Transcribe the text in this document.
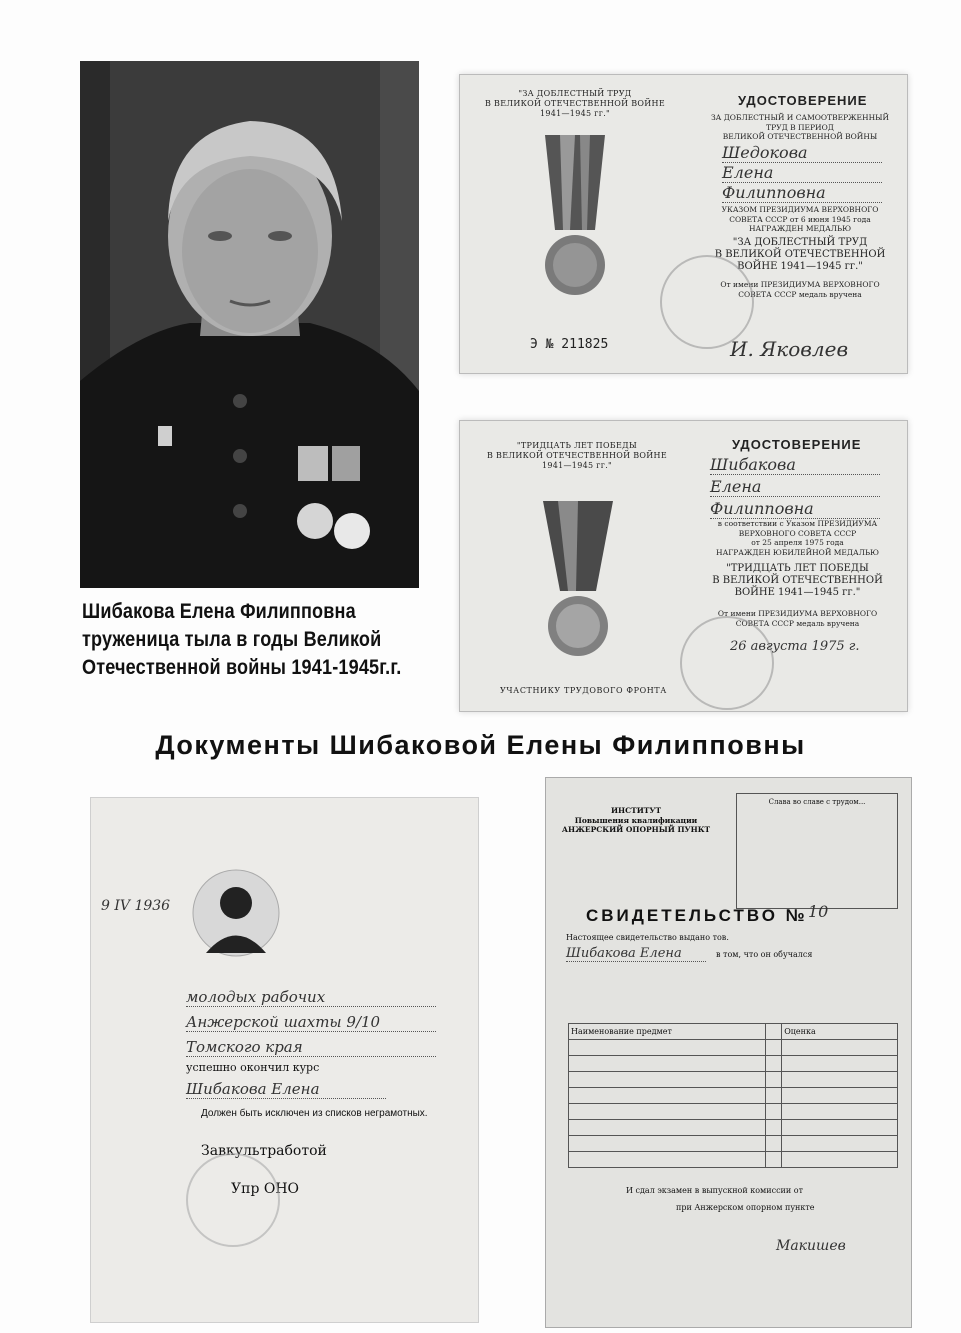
Шибакова Елена Филипповна
труженица тыла в годы Великой
Отечественной войны 1941-1945г.г.
"ЗА ДОБЛЕСТНЫЙ ТРУД
В ВЕЛИКОЙ ОТЕЧЕСТВЕННОЙ ВОЙНЕ
1941—1945 гг."
Э № 211825
УДОСТОВЕРЕНИЕ
ЗА ДОБЛЕСТНЫЙ И САМООТВЕРЖЕННЫЙ ТРУД В ПЕРИОД
ВЕЛИКОЙ ОТЕЧЕСТВЕННОЙ ВОЙНЫ
Шедокова
Елена
Филипповна
УКАЗОМ ПРЕЗИДИУМА ВЕРХОВНОГО
СОВЕТА СССР от 6 июня 1945 года
НАГРАЖДЕН МЕДАЛЬЮ
"ЗА ДОБЛЕСТНЫЙ ТРУД
В ВЕЛИКОЙ ОТЕЧЕСТВЕННОЙ
ВОЙНЕ 1941—1945 гг."
От имени ПРЕЗИДИУМА ВЕРХОВНОГО
СОВЕТА СССР медаль вручена
И. Яковлев
"ТРИДЦАТЬ ЛЕТ ПОБЕДЫ
В ВЕЛИКОЙ ОТЕЧЕСТВЕННОЙ ВОЙНЕ
1941—1945 гг."
УЧАСТНИКУ ТРУДОВОГО ФРОНТА
УДОСТОВЕРЕНИЕ
Шибакова
Елена
Филипповна
в соответствии с Указом ПРЕЗИДИУМА
ВЕРХОВНОГО СОВЕТА СССР
от 25 апреля 1975 года
НАГРАЖДЕН ЮБИЛЕЙНОЙ МЕДАЛЬЮ
"ТРИДЦАТЬ ЛЕТ ПОБЕДЫ
В ВЕЛИКОЙ ОТЕЧЕСТВЕННОЙ
ВОЙНЕ 1941—1945 гг."
От имени ПРЕЗИДИУМА ВЕРХОВНОГО
СОВЕТА СССР медаль вручена
26 августа 1975 г.
Документы Шибаковой Елены Филипповны
9 IV 1936
молодых рабочих
Анжерской шахты 9/10
Томского края
успешно окончил курс
Шибакова Елена
Должен быть исключен из списков неграмотных.
Завкультработой
Упр ОНО
ИНСТИТУТ
Повышения квалификации
АНЖЕРСКИЙ ОПОРНЫЙ ПУНКТ
Слава во славе с трудом...
СВИДЕТЕЛЬСТВО № 10
Настоящее свидетельство выдано тов.
Шибакова Елена	в том, что он обучался
Наименование предмет		Оценка

И сдал экзамен в выпускной комиссии от
при Анжерском опорном пункте
Макишев
